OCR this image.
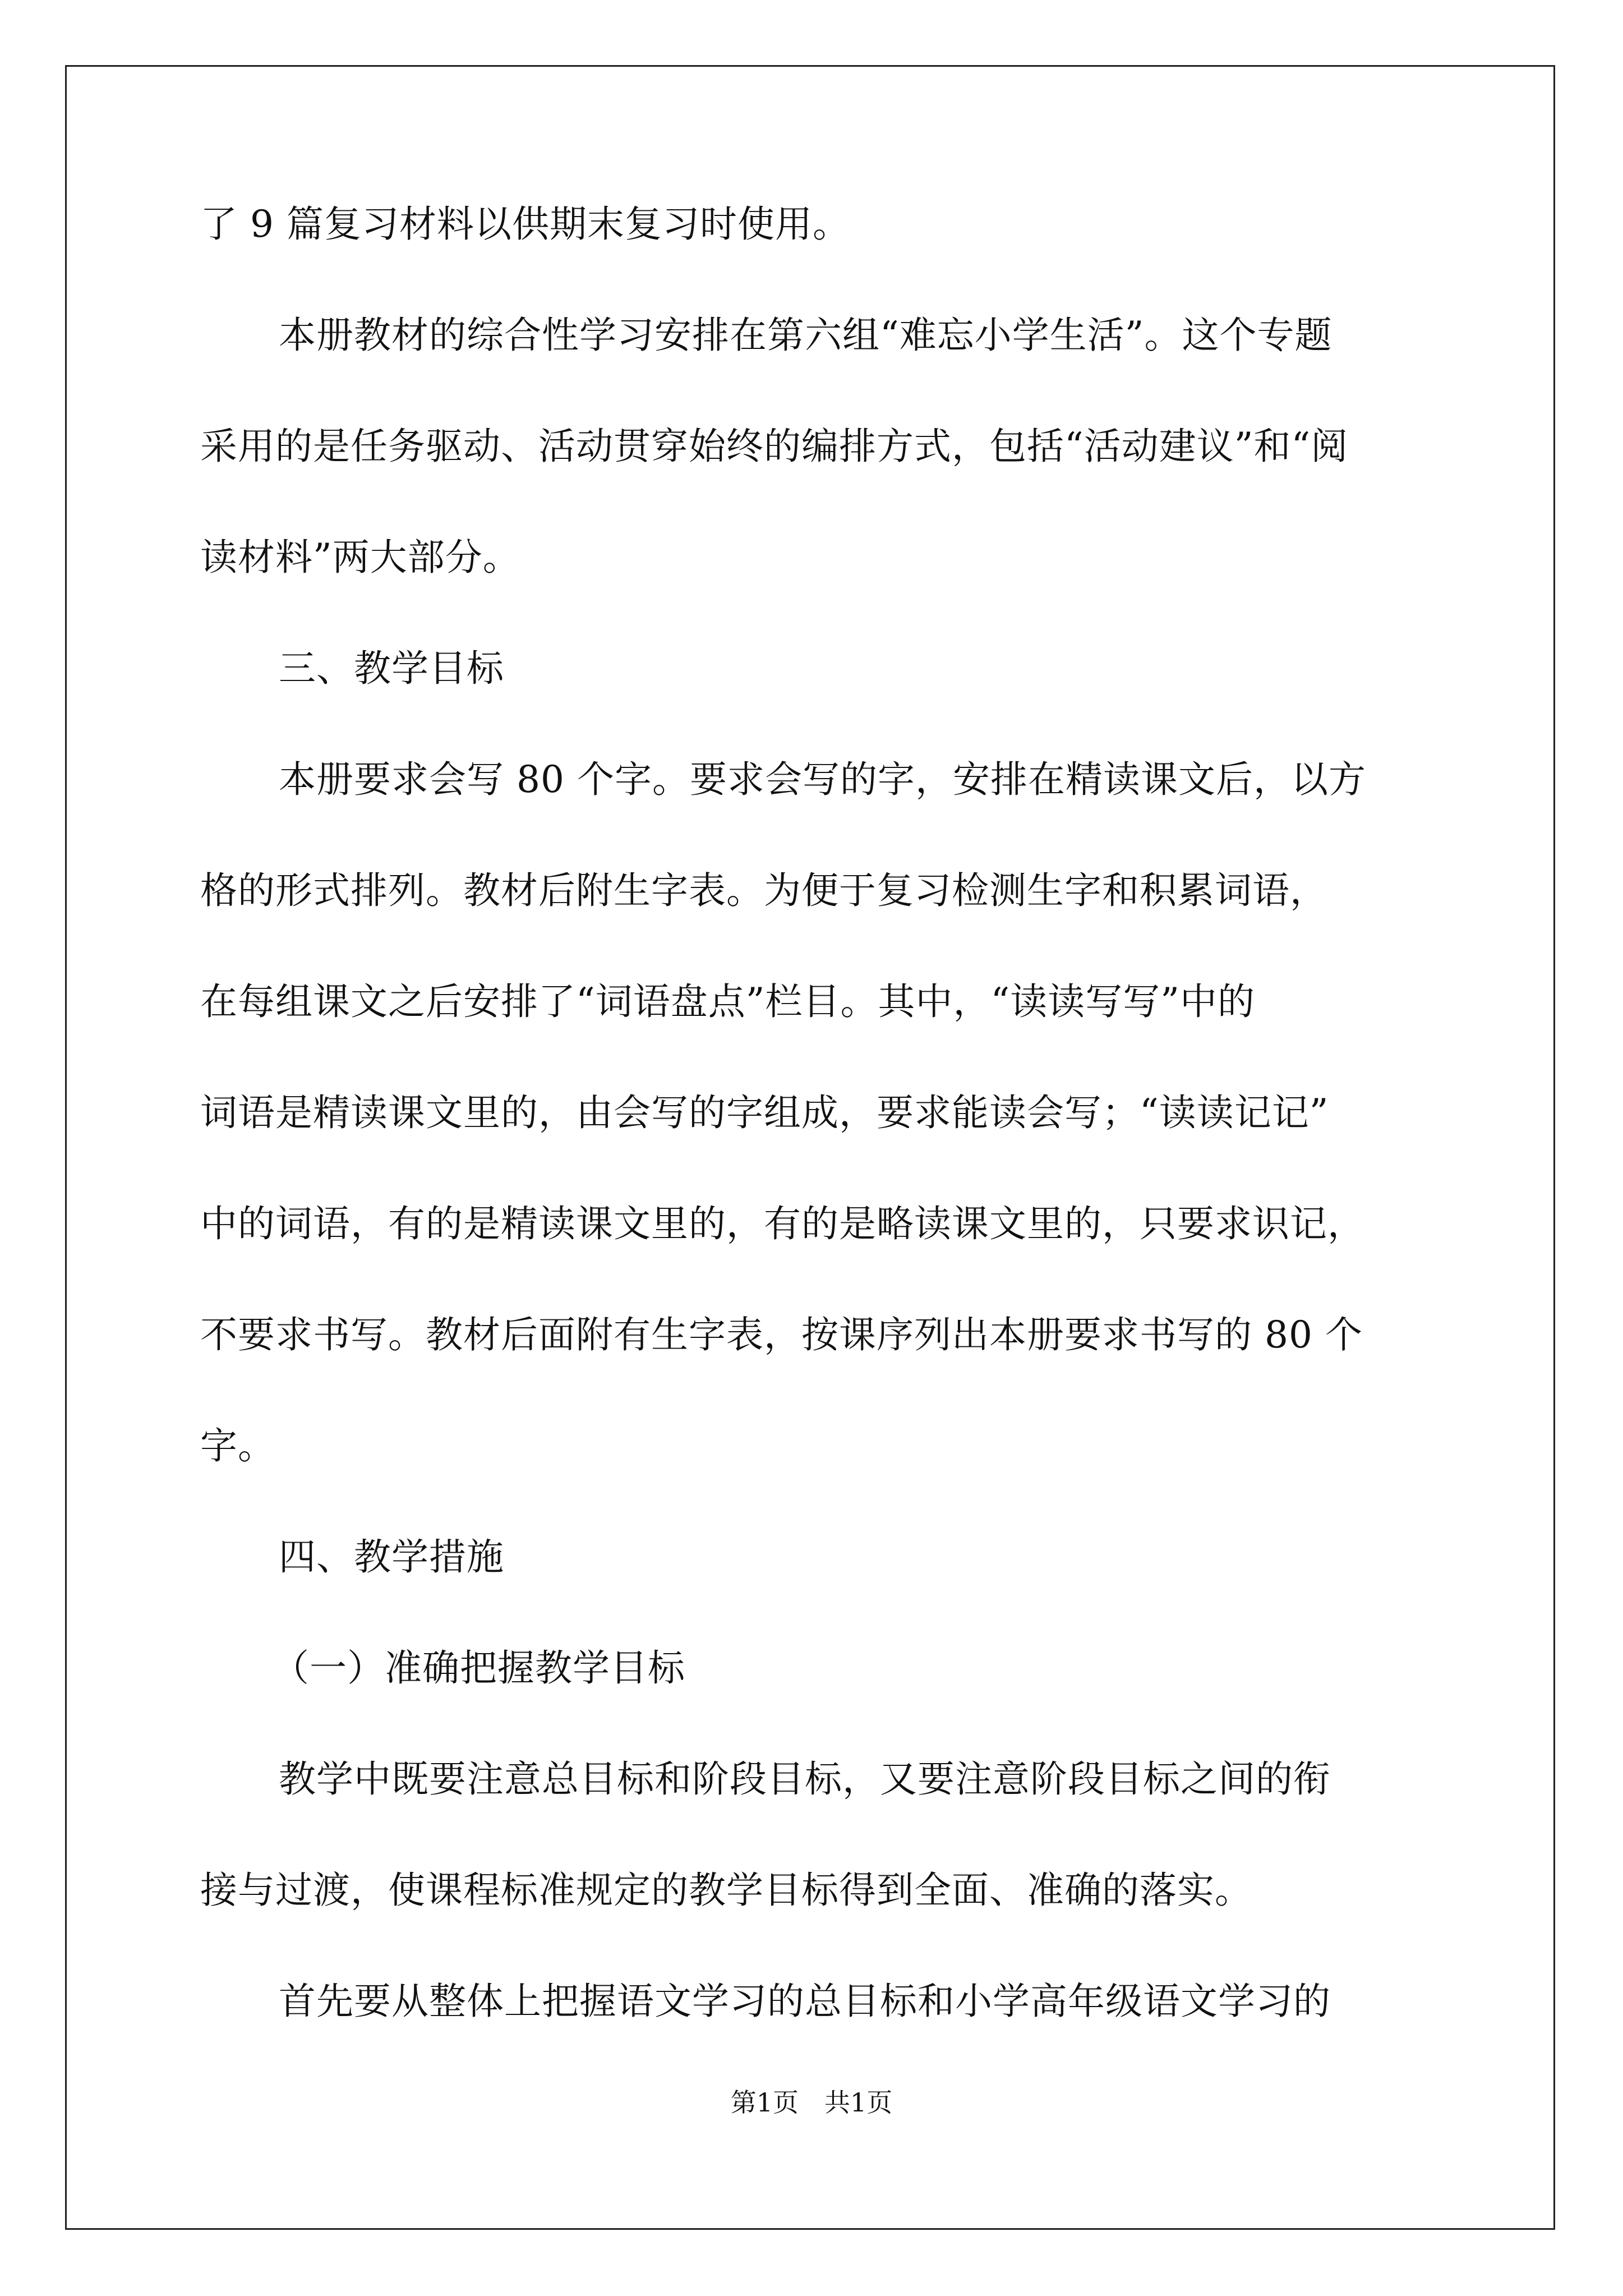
了 9 篇复习材料以供期末复习时使用。
本册教材的综合性学习安排在第六组“难忘小学生活”。这个专题
采用的是任务驱动、活动贯穿始终的编排方式，包括“活动建议”和“阅
读材料”两大部分。
三、教学目标
本册要求会写 80 个字。要求会写的字，安排在精读课文后，以方
格的形式排列。教材后附生字表。为便于复习检测生字和积累词语，
在每组课文之后安排了“词语盘点”栏目。其中，“读读写写”中的
词语是精读课文里的，由会写的字组成，要求能读会写；“读读记记”
中的词语，有的是精读课文里的，有的是略读课文里的，只要求识记，
不要求书写。教材后面附有生字表，按课序列出本册要求书写的 80 个
字。
四、教学措施
（一）准确把握教学目标
教学中既要注意总目标和阶段目标，又要注意阶段目标之间的衔
接与过渡，使课程标准规定的教学目标得到全面、准确的落实。
首先要从整体上把握语文学习的总目标和小学高年级语文学习的
第1页 共1页
